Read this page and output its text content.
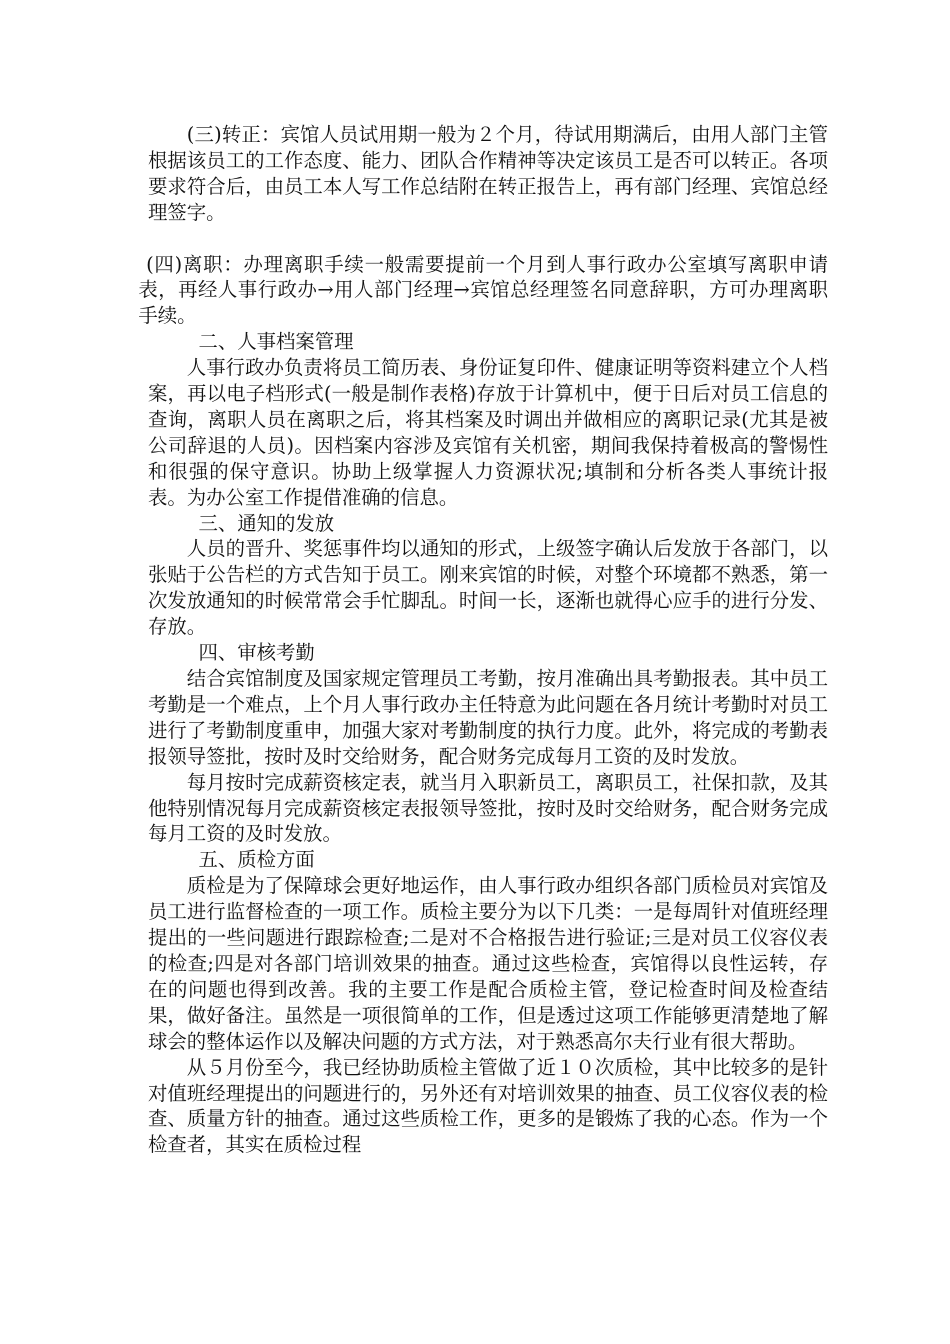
(三)转正：宾馆人员试用期一般为２个月，待试用期满后，由用人部门主管根据该员工的工作态度、能力、团队合作精神等决定该员工是否可以转正。各项要求符合后，由员工本人写工作总结附在转正报告上，再有部门经理、宾馆总经理签字。

(四)离职：办理离职手续一般需要提前一个月到人事行政办公室填写离职申请表，再经人事行政办→用人部门经理→宾馆总经理签名同意辞职，方可办理离职手续。

二、人事档案管理

人事行政办负责将员工简历表、身份证复印件、健康证明等资料建立个人档案，再以电子档形式(一般是制作表格)存放于计算机中，便于日后对员工信息的查询，离职人员在离职之后，将其档案及时调出并做相应的离职记录(尤其是被公司辞退的人员)。因档案内容涉及宾馆有关机密，期间我保持着极高的警惕性和很强的保守意识。协助上级掌握人力资源状况;填制和分析各类人事统计报表。为办公室工作提借准确的信息。

三、通知的发放

人员的晋升、奖惩事件均以通知的形式，上级签字确认后发放于各部门，以张贴于公告栏的方式告知于员工。刚来宾馆的时候，对整个环境都不熟悉，第一次发放通知的时候常常会手忙脚乱。时间一长，逐渐也就得心应手的进行分发、存放。

四、审核考勤

结合宾馆制度及国家规定管理员工考勤，按月准确出具考勤报表。其中员工考勤是一个难点，上个月人事行政办主任特意为此问题在各月统计考勤时对员工进行了考勤制度重申，加强大家对考勤制度的执行力度。此外，将完成的考勤表报领导签批，按时及时交给财务，配合财务完成每月工资的及时发放。

每月按时完成薪资核定表，就当月入职新员工，离职员工，社保扣款，及其他特别情况每月完成薪资核定表报领导签批，按时及时交给财务，配合财务完成每月工资的及时发放。

五、质检方面

质检是为了保障球会更好地运作，由人事行政办组织各部门质检员对宾馆及员工进行监督检查的一项工作。质检主要分为以下几类：一是每周针对值班经理提出的一些问题进行跟踪检查;二是对不合格报告进行验证;三是对员工仪容仪表的检查;四是对各部门培训效果的抽查。通过这些检查，宾馆得以良性运转，存在的问题也得到改善。我的主要工作是配合质检主管，登记检查时间及检查结果，做好备注。虽然是一项很简单的工作，但是透过这项工作能够更清楚地了解球会的整体运作以及解决问题的方式方法，对于熟悉高尔夫行业有很大帮助。

从５月份至今，我已经协助质检主管做了近１０次质检，其中比较多的是针对值班经理提出的问题进行的，另外还有对培训效果的抽查、员工仪容仪表的检查、质量方针的抽查。通过这些质检工作，更多的是锻炼了我的心态。作为一个检查者，其实在质检过程
